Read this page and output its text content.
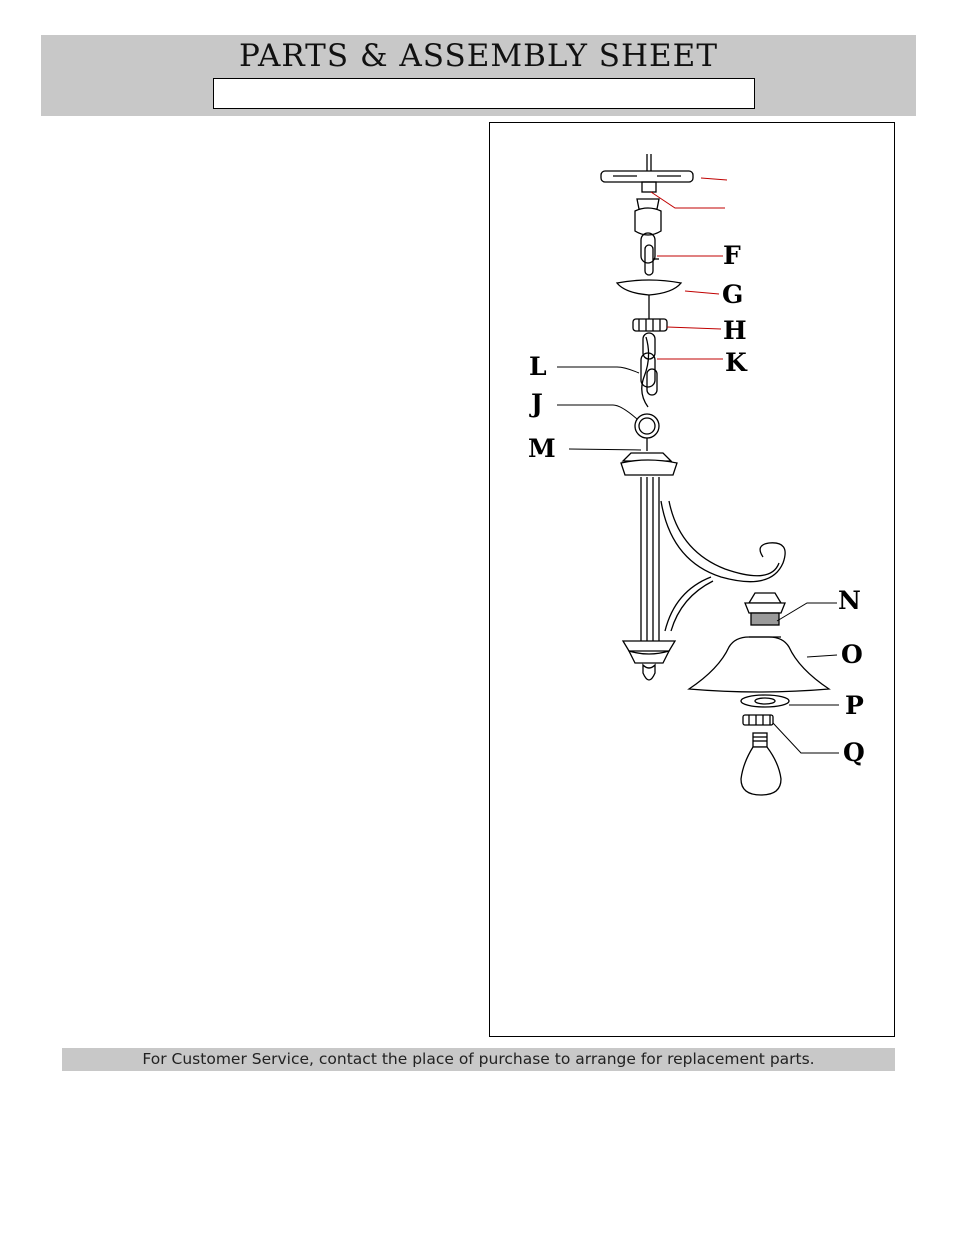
PARTS & ASSEMBLY SHEET
F
G
H
K
L
J
M
N
O
P
Q
For Customer Service, contact the place of purchase to arrange for replacement parts.
